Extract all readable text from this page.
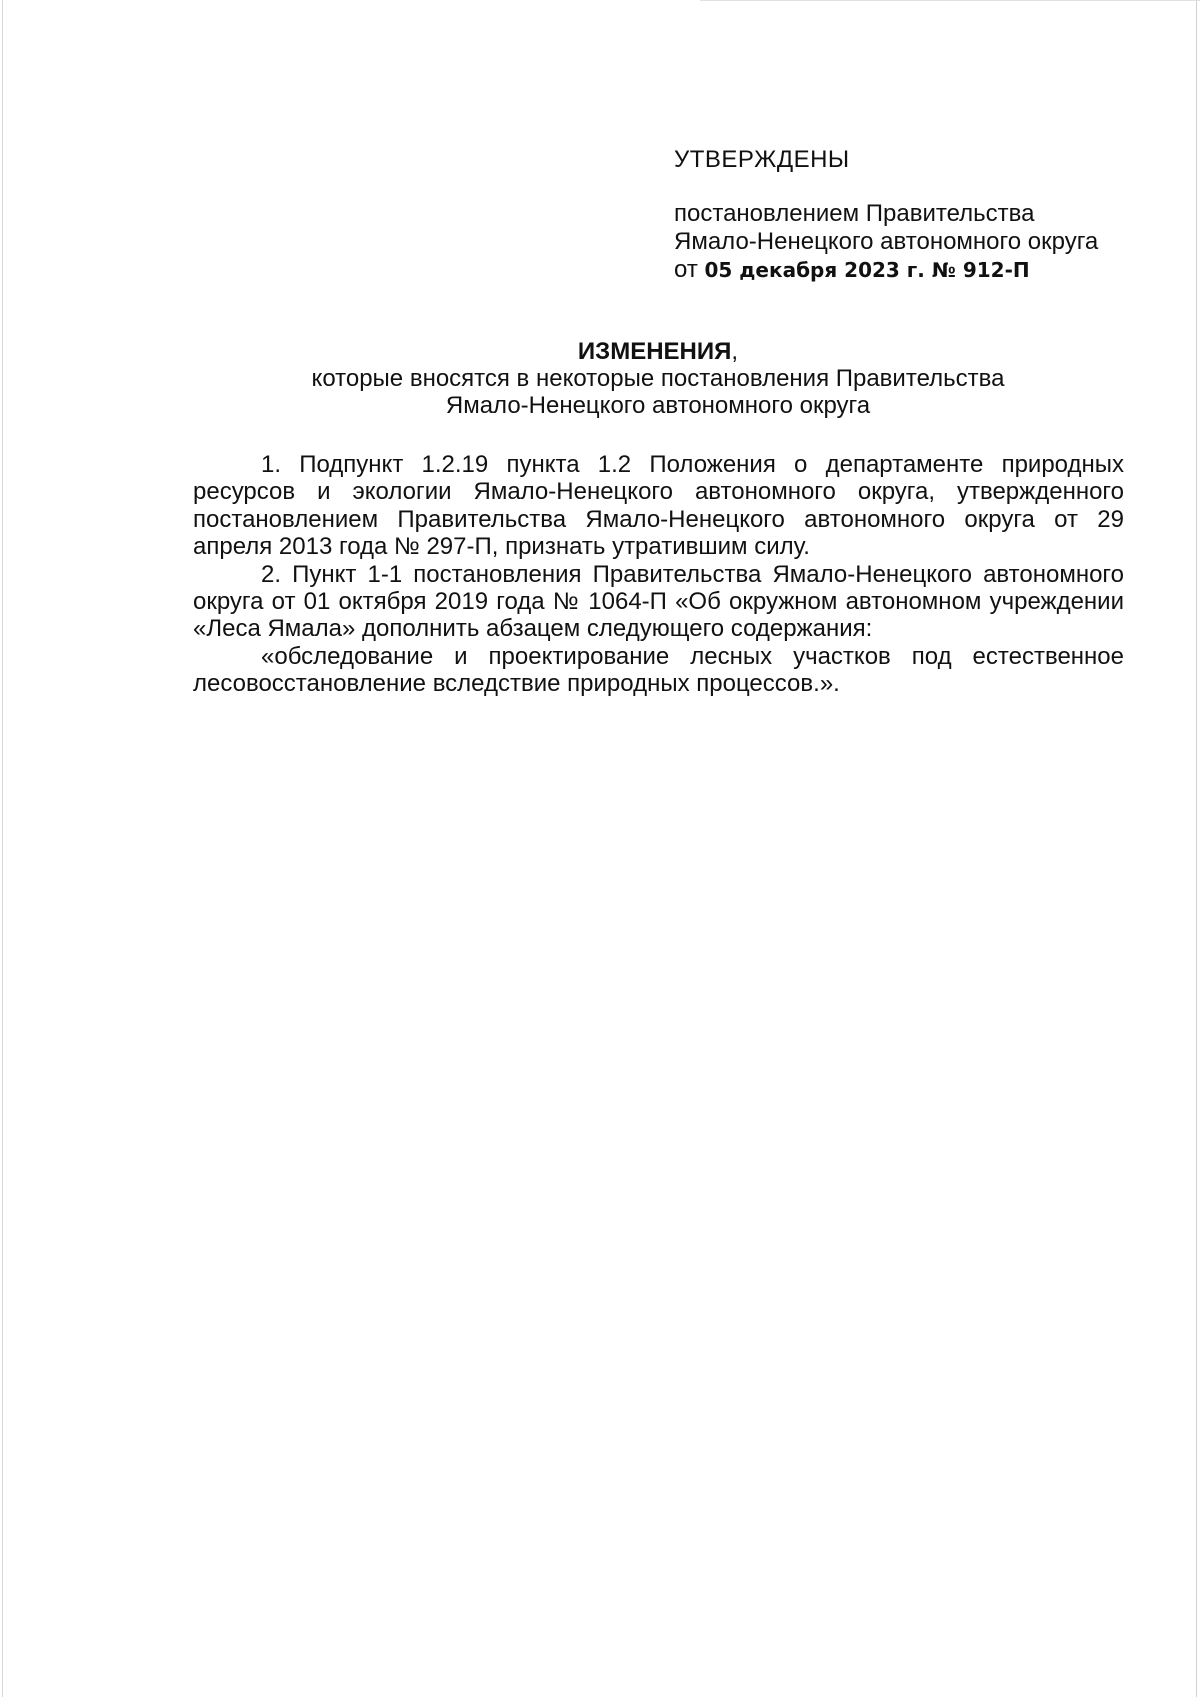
УТВЕРЖДЕНЫ

постановлением Правительства

Ямало-Ненецкого автономного округа

от 05 декабря 2023 г. № 912-П

ИЗМЕНЕНИЯ,

которые вносятся в некоторые постановления Правительства

Ямало-Ненецкого автономного округа

1. Подпункт 1.2.19 пункта 1.2 Положения о департаменте природных ресурсов и экологии Ямало-Ненецкого автономного округа, утвержденного постановлением Правительства Ямало-Ненецкого автономного округа от 29 апреля 2013 года № 297-П, признать утратившим силу.

2. Пункт 1-1 постановления Правительства Ямало-Ненецкого автономного округа от 01 октября 2019 года № 1064-П «Об окружном автономном учреждении «Леса Ямала» дополнить абзацем следующего содержания:

«обследование и проектирование лесных участков под естественное лесовосстановление вследствие природных процессов.».
